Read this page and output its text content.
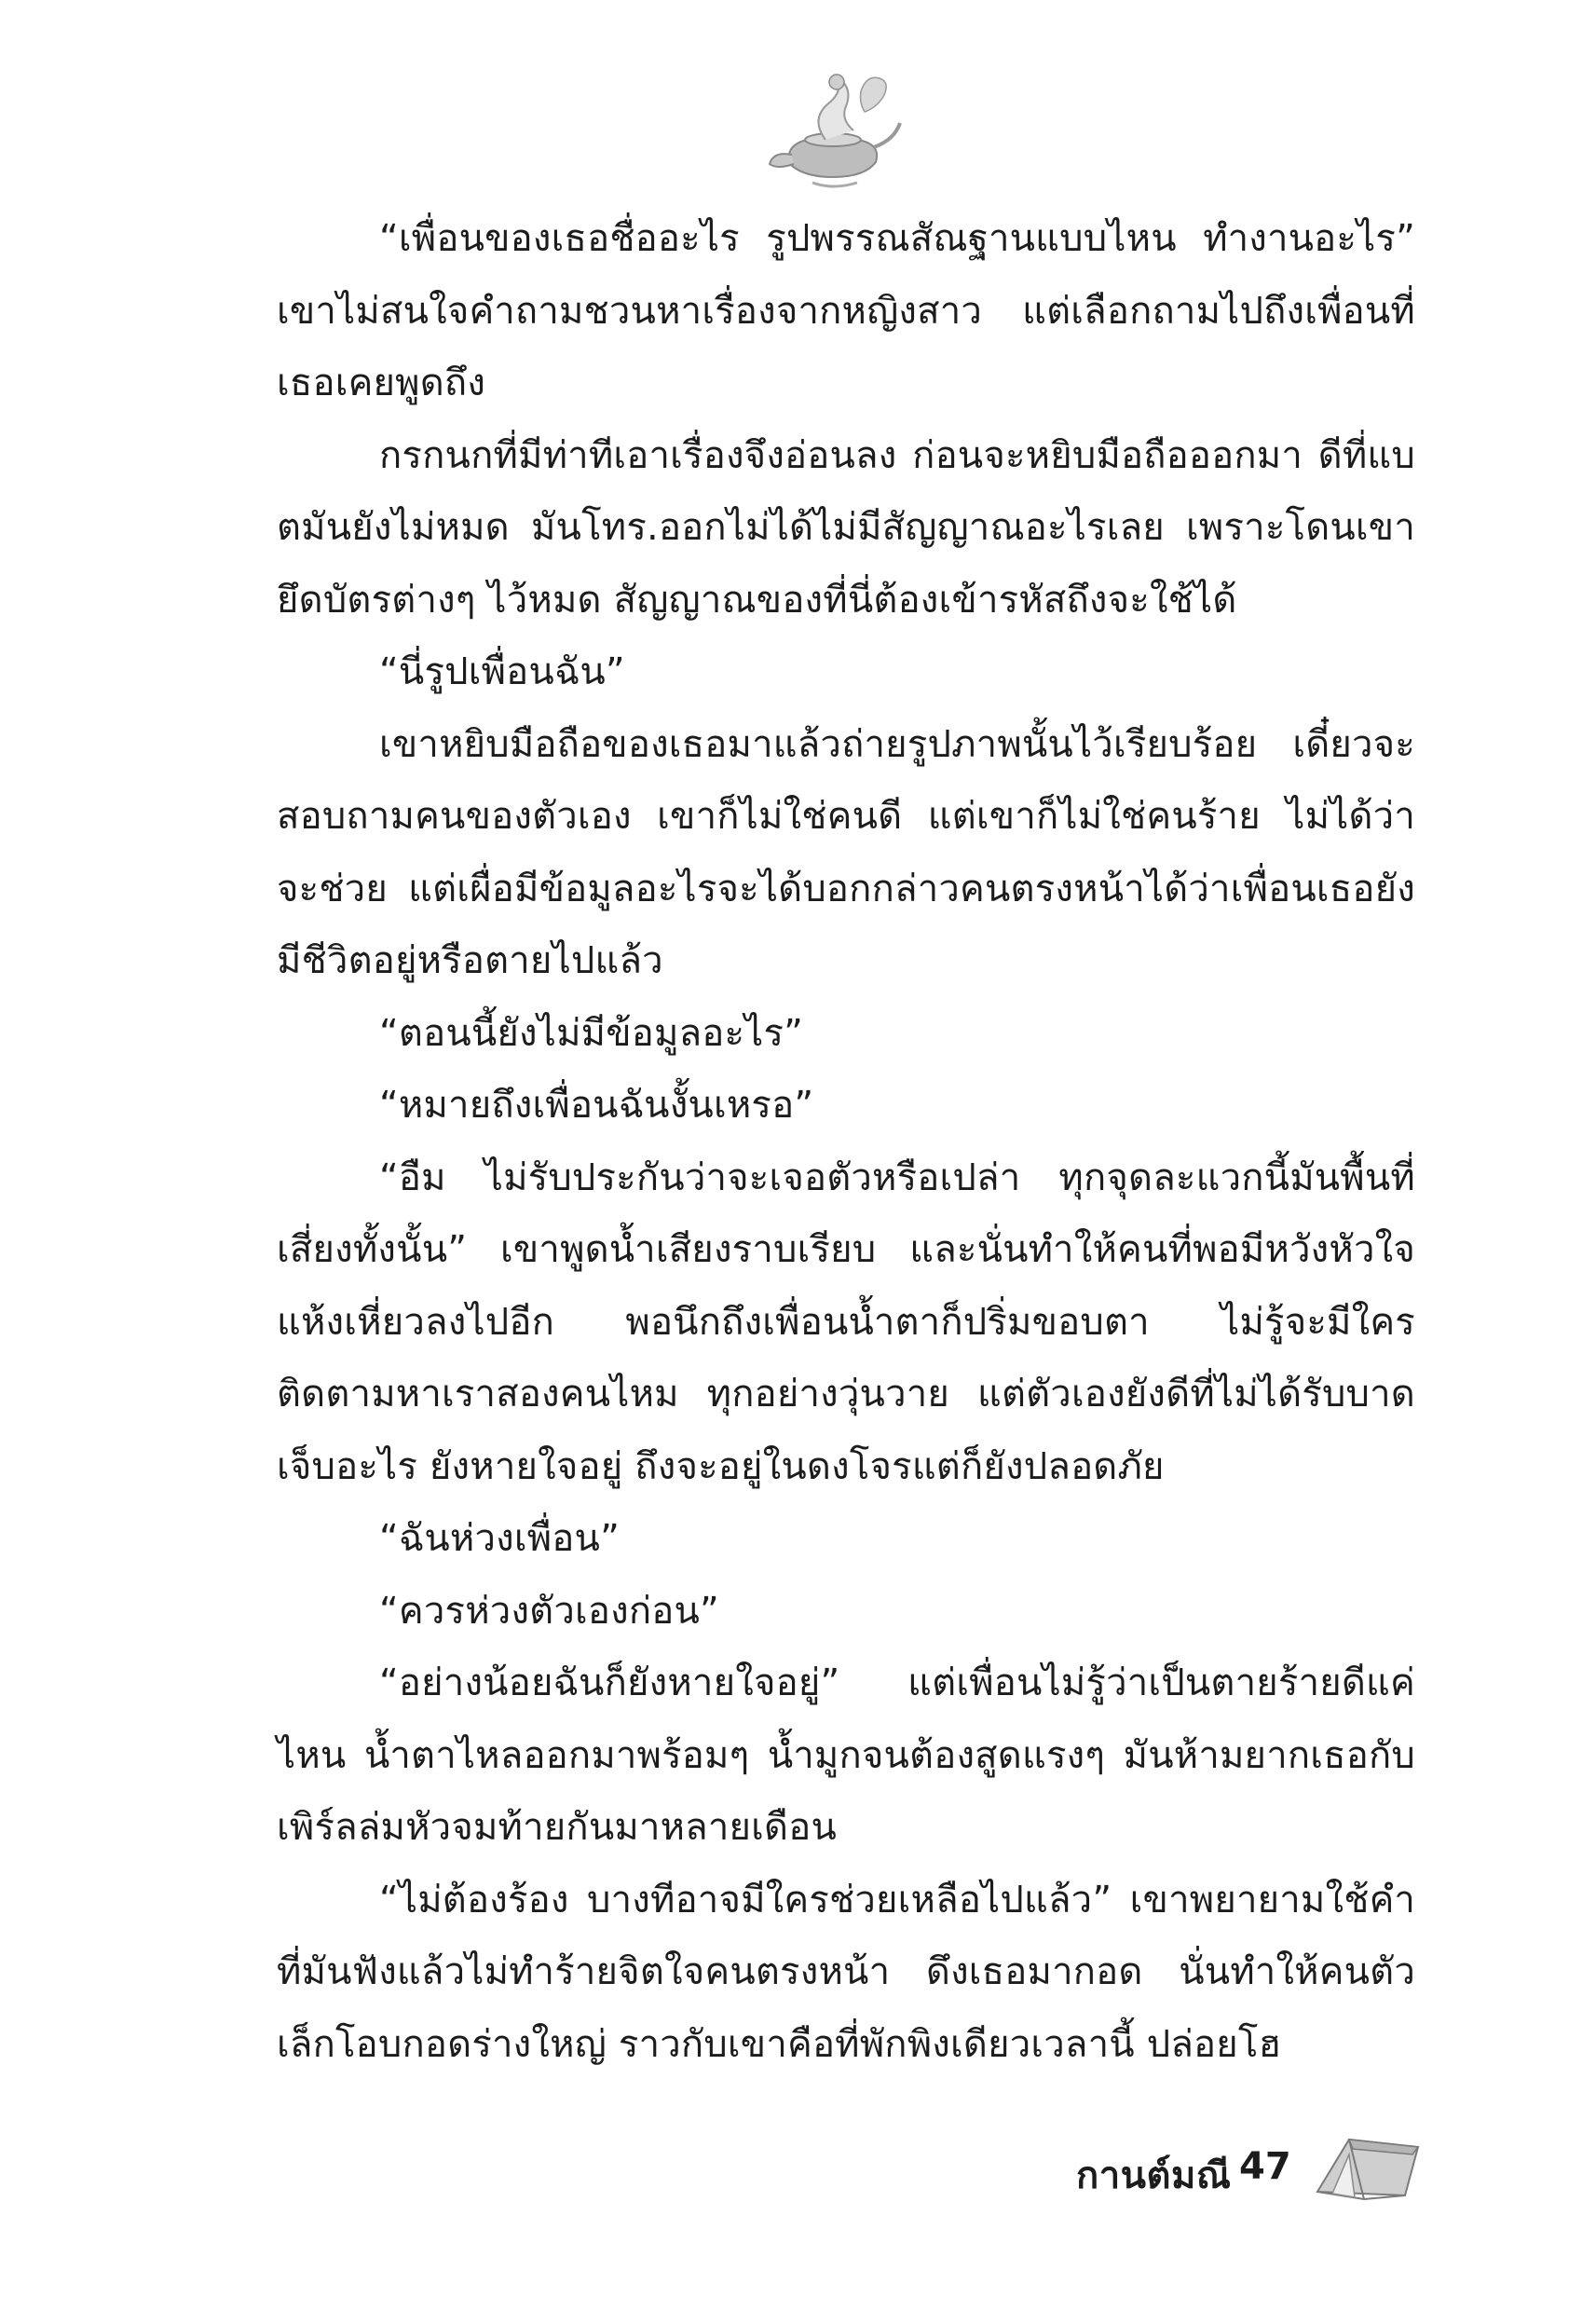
“เพื่อนของเธอชื่ออะไร รูปพรรณสัณฐานแบบไหน ทำงานอะไร” เขาไม่สนใจคำถามชวนหาเรื่องจากหญิงสาว แต่เลือกถามไปถึงเพื่อนที่เธอเคยพูดถึง

กรกนกที่มีท่าทีเอาเรื่องจึงอ่อนลง ก่อนจะหยิบมือถือออกมา ดีที่แบตมันยังไม่หมด มันโทร.ออกไม่ได้ไม่มีสัญญาณอะไรเลย เพราะโดนเขายึดบัตรต่างๆ ไว้หมด สัญญาณของที่นี่ต้องเข้ารหัสถึงจะใช้ได้

“นี่รูปเพื่อนฉัน”

เขาหยิบมือถือของเธอมาแล้วถ่ายรูปภาพนั้นไว้เรียบร้อย เดี๋ยวจะสอบถามคนของตัวเอง เขาก็ไม่ใช่คนดี แต่เขาก็ไม่ใช่คนร้าย ไม่ได้ว่าจะช่วย แต่เผื่อมีข้อมูลอะไรจะได้บอกกล่าวคนตรงหน้าได้ว่าเพื่อนเธอยังมีชีวิตอยู่หรือตายไปแล้ว

“ตอนนี้ยังไม่มีข้อมูลอะไร”

“หมายถึงเพื่อนฉันงั้นเหรอ”

“อืม ไม่รับประกันว่าจะเจอตัวหรือเปล่า ทุกจุดละแวกนี้มันพื้นที่เสี่ยงทั้งนั้น” เขาพูดน้ำเสียงราบเรียบ และนั่นทำให้คนที่พอมีหวังหัวใจแห้งเหี่ยวลงไปอีก พอนึกถึงเพื่อนน้ำตาก็ปริ่มขอบตา ไม่รู้จะมีใครติดตามหาเราสองคนไหม ทุกอย่างวุ่นวาย แต่ตัวเองยังดีที่ไม่ได้รับบาดเจ็บอะไร ยังหายใจอยู่ ถึงจะอยู่ในดงโจรแต่ก็ยังปลอดภัย

“ฉันห่วงเพื่อน”

“ควรห่วงตัวเองก่อน”

“อย่างน้อยฉันก็ยังหายใจอยู่” แต่เพื่อนไม่รู้ว่าเป็นตายร้ายดีแค่ไหน น้ำตาไหลออกมาพร้อมๆ น้ำมูกจนต้องสูดแรงๆ มันห้ามยากเธอกับเพิร์ลล่มหัวจมท้ายกันมาหลายเดือน

“ไม่ต้องร้อง บางทีอาจมีใครช่วยเหลือไปแล้ว” เขาพยายามใช้คำที่มันฟังแล้วไม่ทำร้ายจิตใจคนตรงหน้า ดึงเธอมากอด นั่นทำให้คนตัวเล็กโอบกอดร่างใหญ่ ราวกับเขาคือที่พักพิงเดียวเวลานี้ ปล่อยโฮ

กานต์มณี 47
